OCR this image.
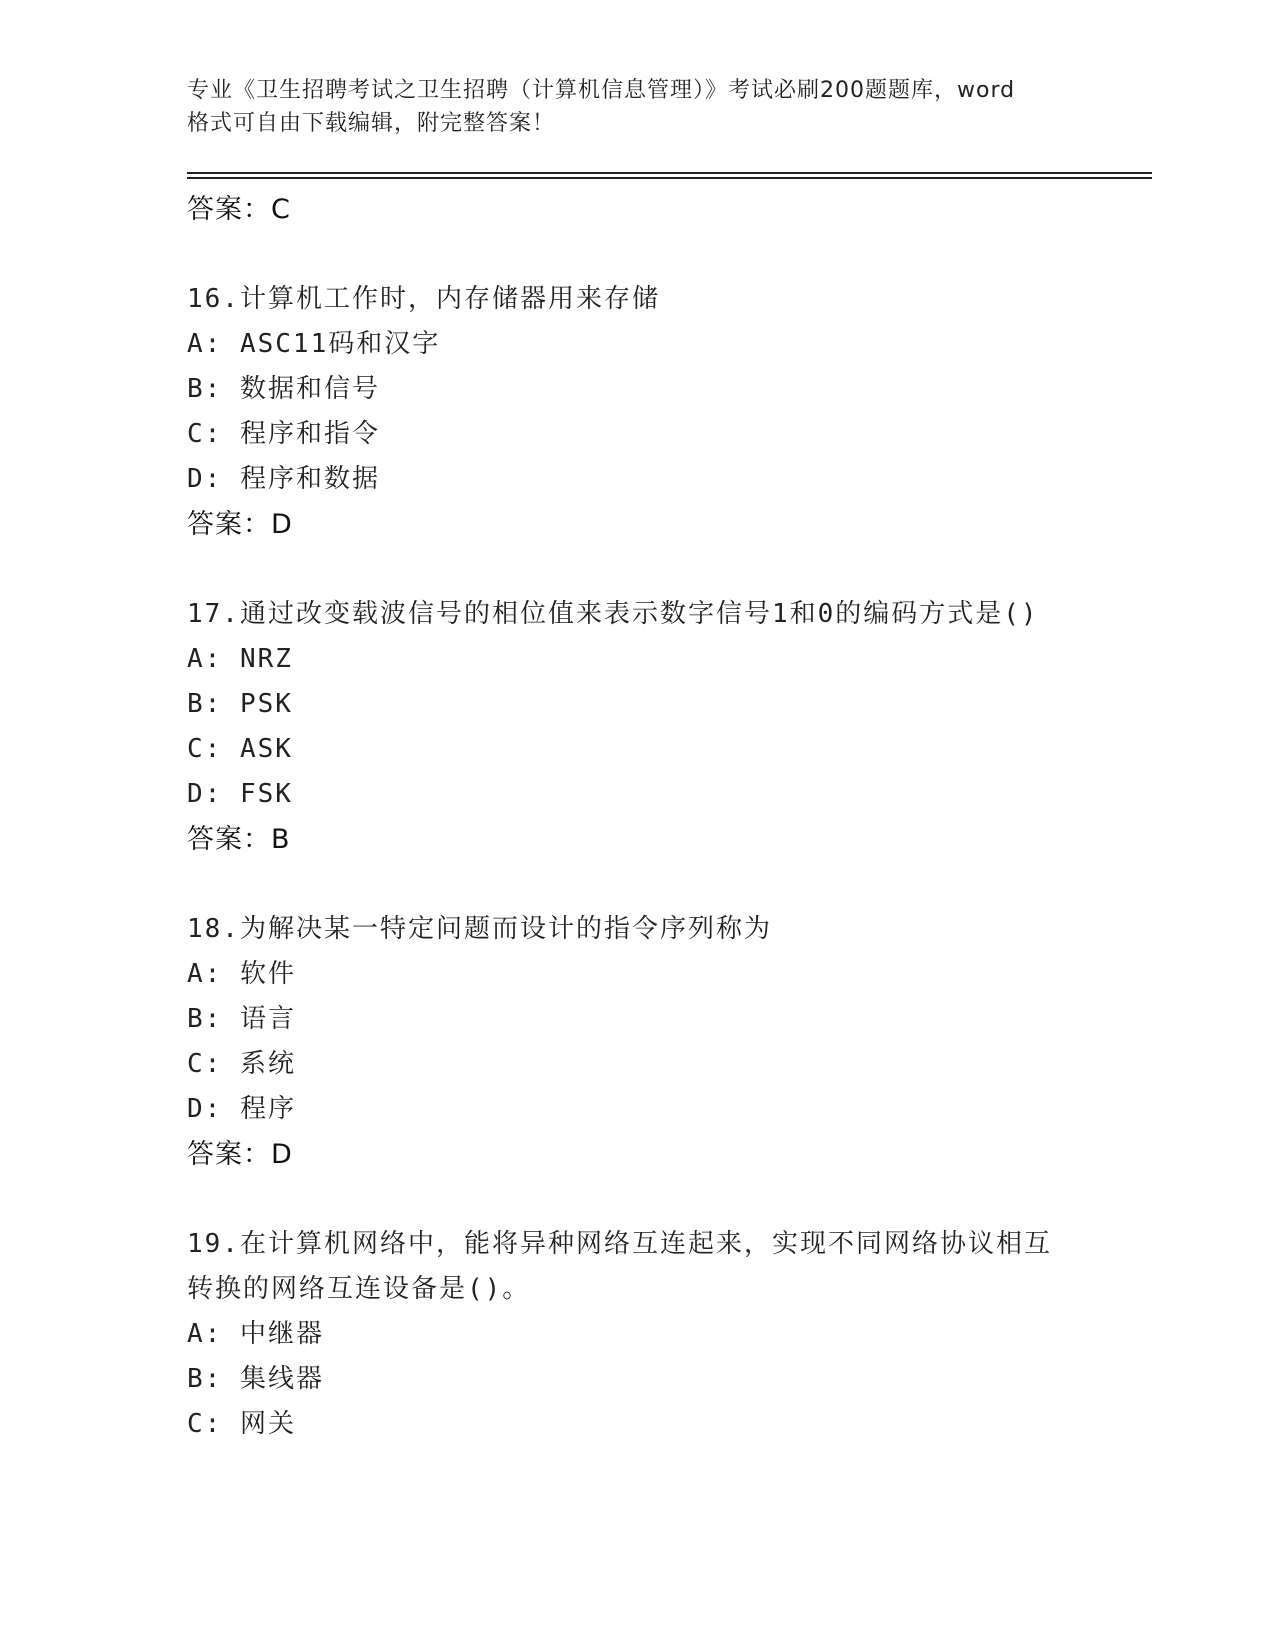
专业《卫生招聘考试之卫生招聘（计算机信息管理）》考试必刷200题题库，word
格式可自由下载编辑，附完整答案！
答案：C
16.计算机工作时，内存储器用来存储
A: ASC11码和汉字
B: 数据和信号
C: 程序和指令
D: 程序和数据
答案：D
17.通过改变载波信号的相位值来表示数字信号1和0的编码方式是()
A: NRZ
B: PSK
C: ASK
D: FSK
答案：B
18.为解决某一特定问题而设计的指令序列称为
A: 软件
B: 语言
C: 系统
D: 程序
答案：D
19.在计算机网络中，能将异种网络互连起来，实现不同网络协议相互
转换的网络互连设备是()。
A: 中继器
B: 集线器
C: 网关
